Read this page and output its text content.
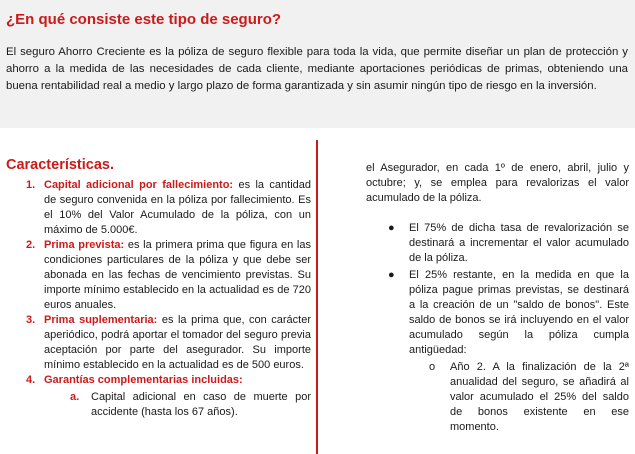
¿En qué consiste este tipo de seguro?
El seguro Ahorro Creciente es la póliza de seguro flexible para toda la vida, que permite diseñar un plan de protección y ahorro a la medida de las necesidades de cada cliente, mediante aportaciones periódicas de primas, obteniendo una buena rentabilidad real a medio y largo plazo de forma garantizada y sin asumir ningún tipo de riesgo en la inversión.
Características.
1. Capital adicional por fallecimiento: es la cantidad de seguro convenida en la póliza por fallecimiento. Es el 10% del Valor Acumulado de la póliza, con un máximo de 5.000€.
2. Prima prevista: es la primera prima que figura en las condiciones particulares de la póliza y que debe ser abonada en las fechas de vencimiento previstas. Su importe mínimo establecido en la actualidad es de 720 euros anuales.
3. Prima suplementaria: es la prima que, con carácter aperiódico, podrá aportar el tomador del seguro previa aceptación por parte del asegurador. Su importe mínimo establecido en la actualidad es de 500 euros.
4. Garantías complementarias incluidas:
a. Capital adicional en caso de muerte por accidente (hasta los 67 años).

el Asegurador, en cada 1º de enero, abril, julio y octubre; y, se emplea para revalorizas el valor acumulado de la póliza.

● El 75% de dicha tasa de revalorización se destinará a incrementar el valor acumulado de la póliza.
● El 25% restante, en la medida en que la póliza pague primas previstas, se destinará a la creación de un "saldo de bonos". Este saldo de bonos se irá incluyendo en el valor acumulado según la póliza cumpla antigüedad:
o Año 2. A la finalización de la 2ª anualidad del seguro, se añadirá al valor acumulado el 25% del saldo de bonos existente en ese momento.
